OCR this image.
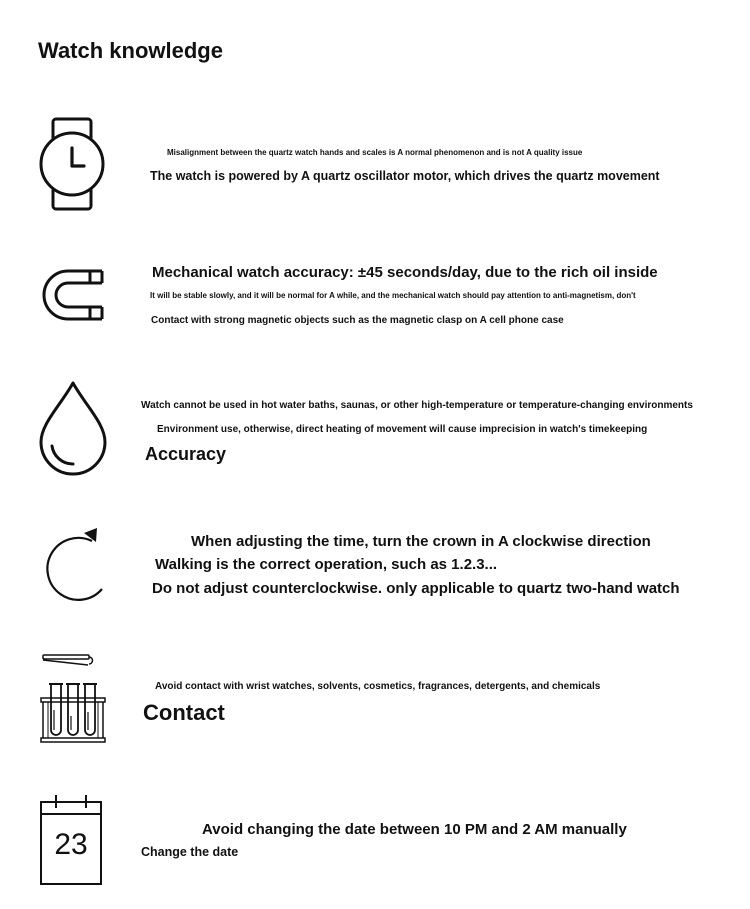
Watch knowledge
Misalignment between the quartz watch hands and scales is A normal phenomenon and is not A quality issue
The watch is powered by A quartz oscillator motor, which drives the quartz movement
Mechanical watch accuracy: ±45 seconds/day, due to the rich oil inside
It will be stable slowly, and it will be normal for A while, and the mechanical watch should pay attention to anti-magnetism, don't
Contact with strong magnetic objects such as the magnetic clasp on A cell phone case
Watch cannot be used in hot water baths, saunas, or other high-temperature or temperature-changing environments
Environment use, otherwise, direct heating of movement will cause imprecision in watch's timekeeping
Accuracy
When adjusting the time, turn the crown in A clockwise direction
Walking is the correct operation, such as 1.2.3...
Do not adjust counterclockwise. only applicable to quartz two-hand watch
Avoid contact with wrist watches, solvents, cosmetics, fragrances, detergents, and chemicals
Contact
23	Avoid changing the date between 10 PM and 2 AM manually
Change the date
